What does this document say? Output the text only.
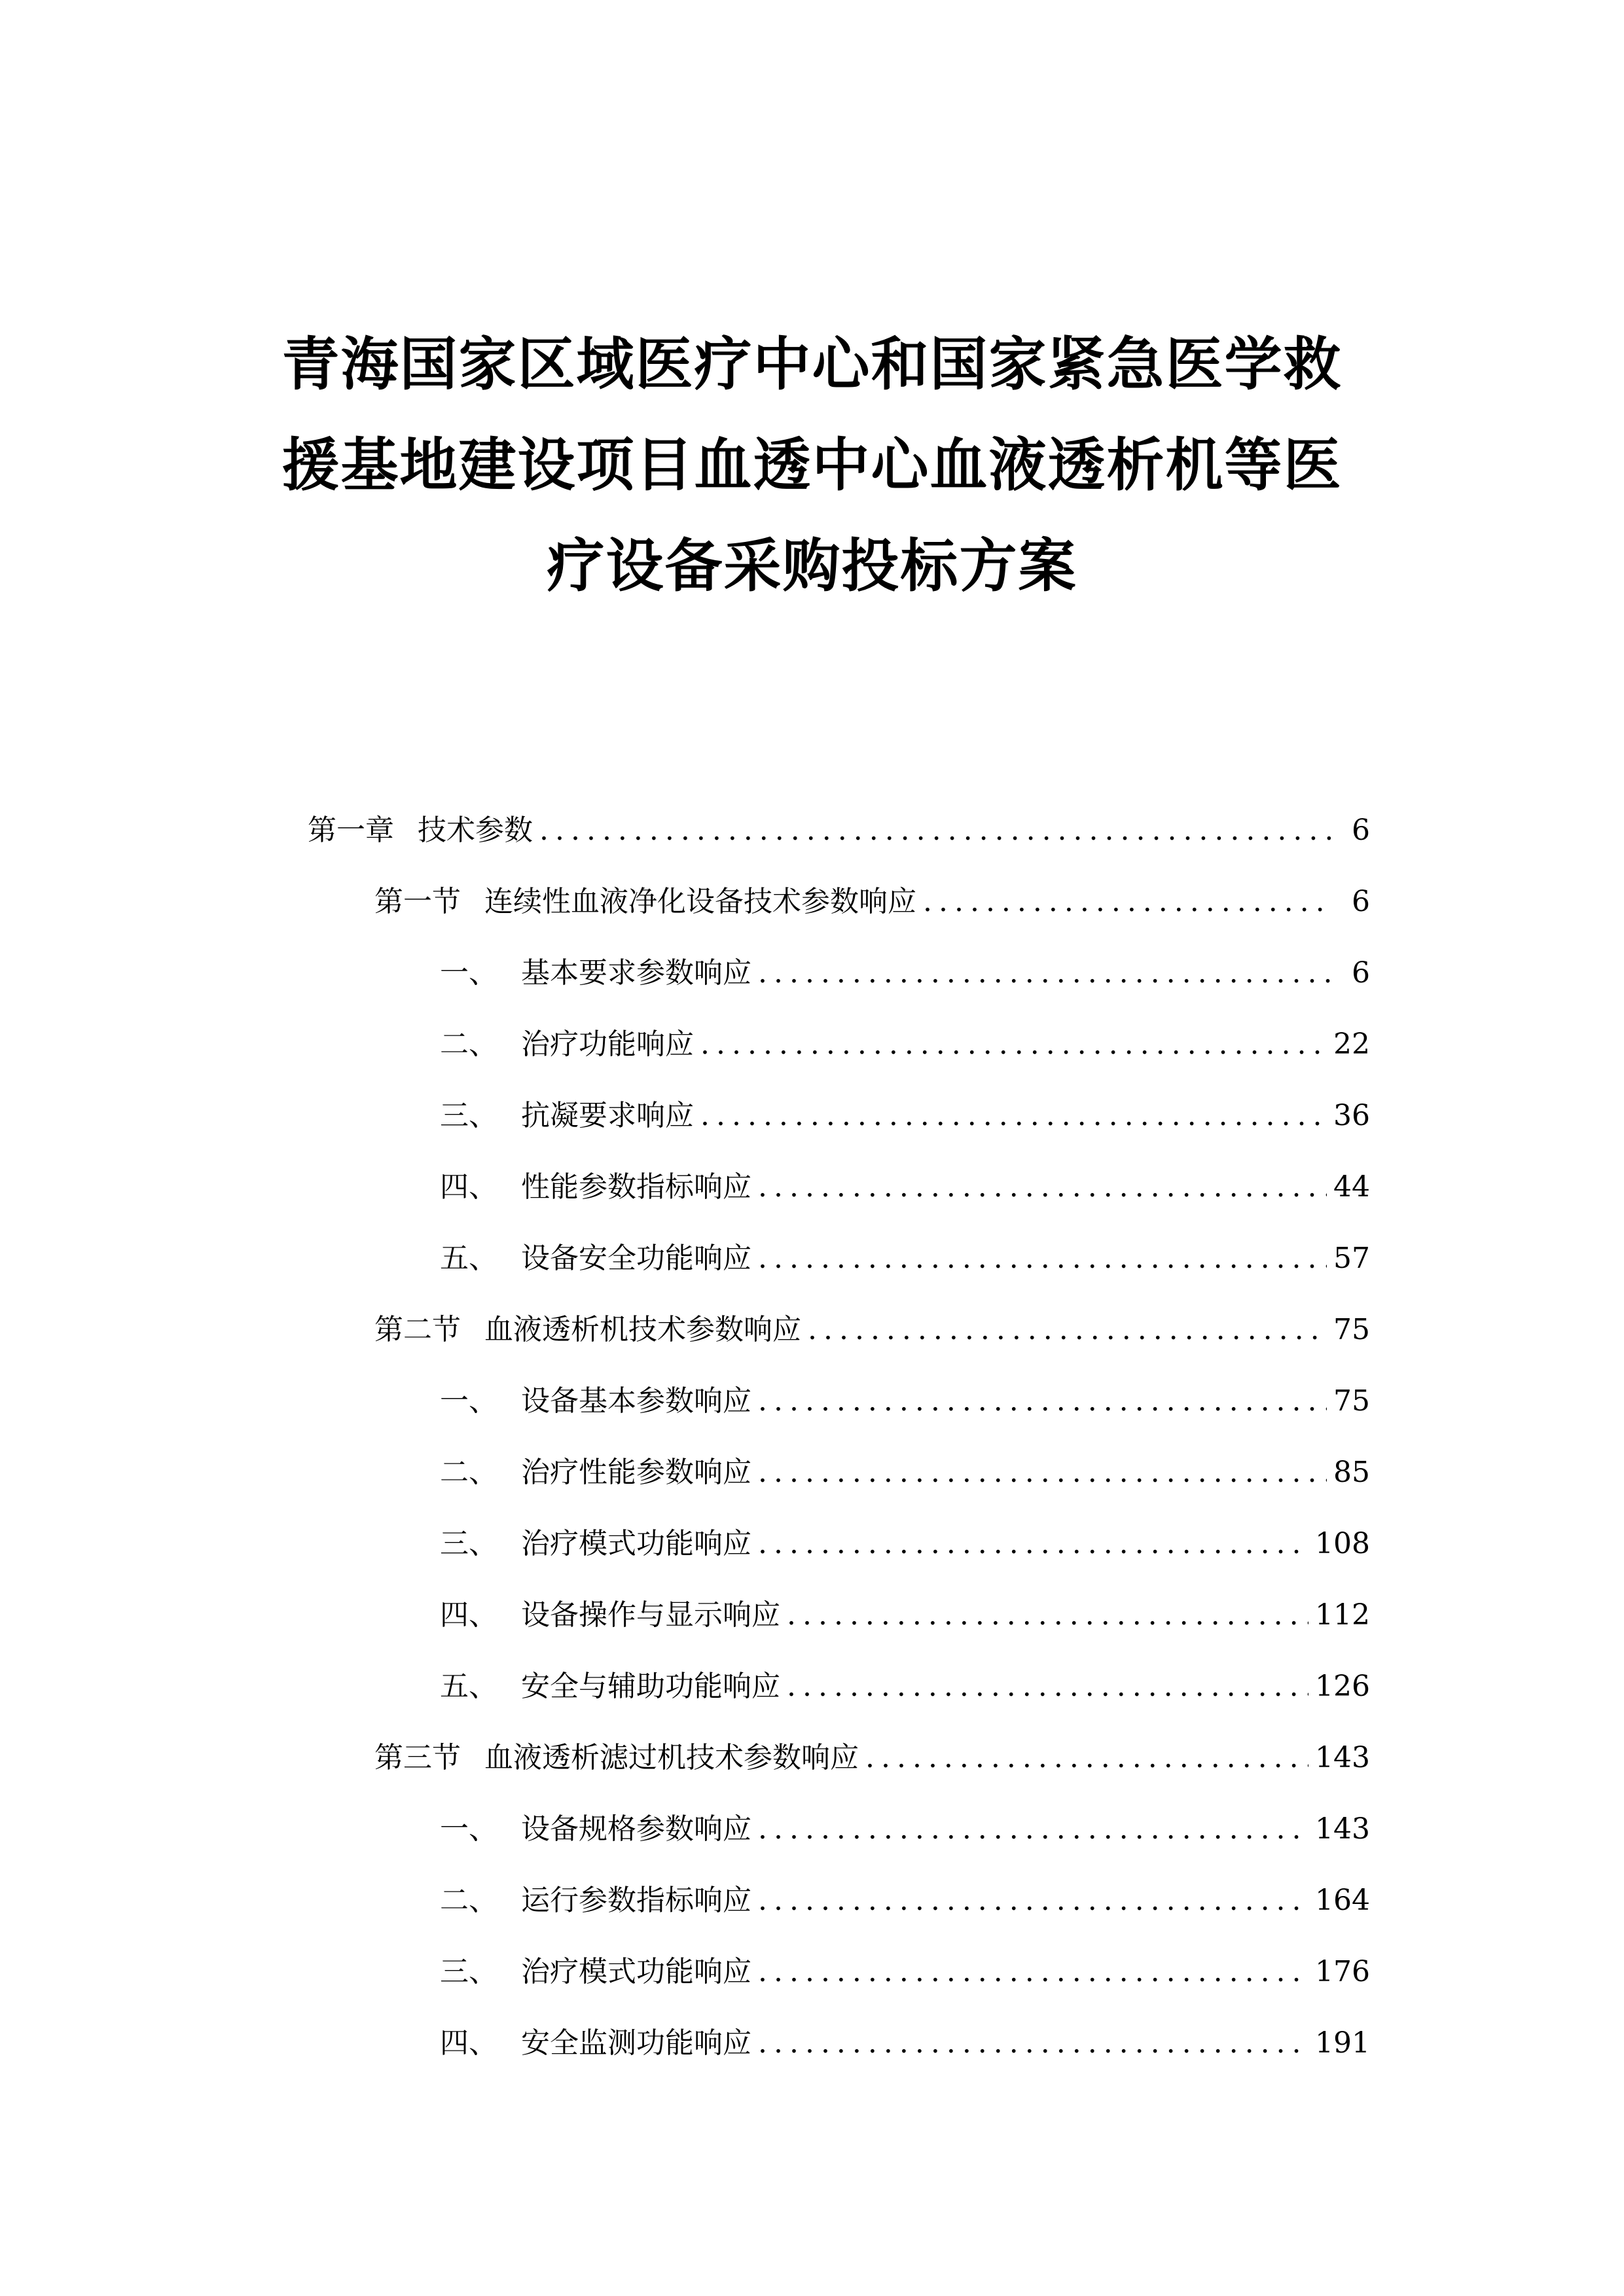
青海国家区域医疗中心和国家紧急医学救
援基地建设项目血透中心血液透析机等医
疗设备采购投标方案
第一章 技术参数 .....	6
第一节 连续性血液净化设备技术参数响应 .....	6
一、 基本要求参数响应 .....	6
二、 治疗功能响应 .....	22
三、 抗凝要求响应 .....	36
四、 性能参数指标响应 .....	44
五、 设备安全功能响应 .....	57
第二节 血液透析机技术参数响应 .....	75
一、 设备基本参数响应 .....	75
二、 治疗性能参数响应 .....	85
三、 治疗模式功能响应 .....	108
四、 设备操作与显示响应 .....	112
五、 安全与辅助功能响应 .....	126
第三节 血液透析滤过机技术参数响应 .....	143
一、 设备规格参数响应 .....	143
二、 运行参数指标响应 .....	164
三、 治疗模式功能响应 .....	176
四、 安全监测功能响应 .....	191
